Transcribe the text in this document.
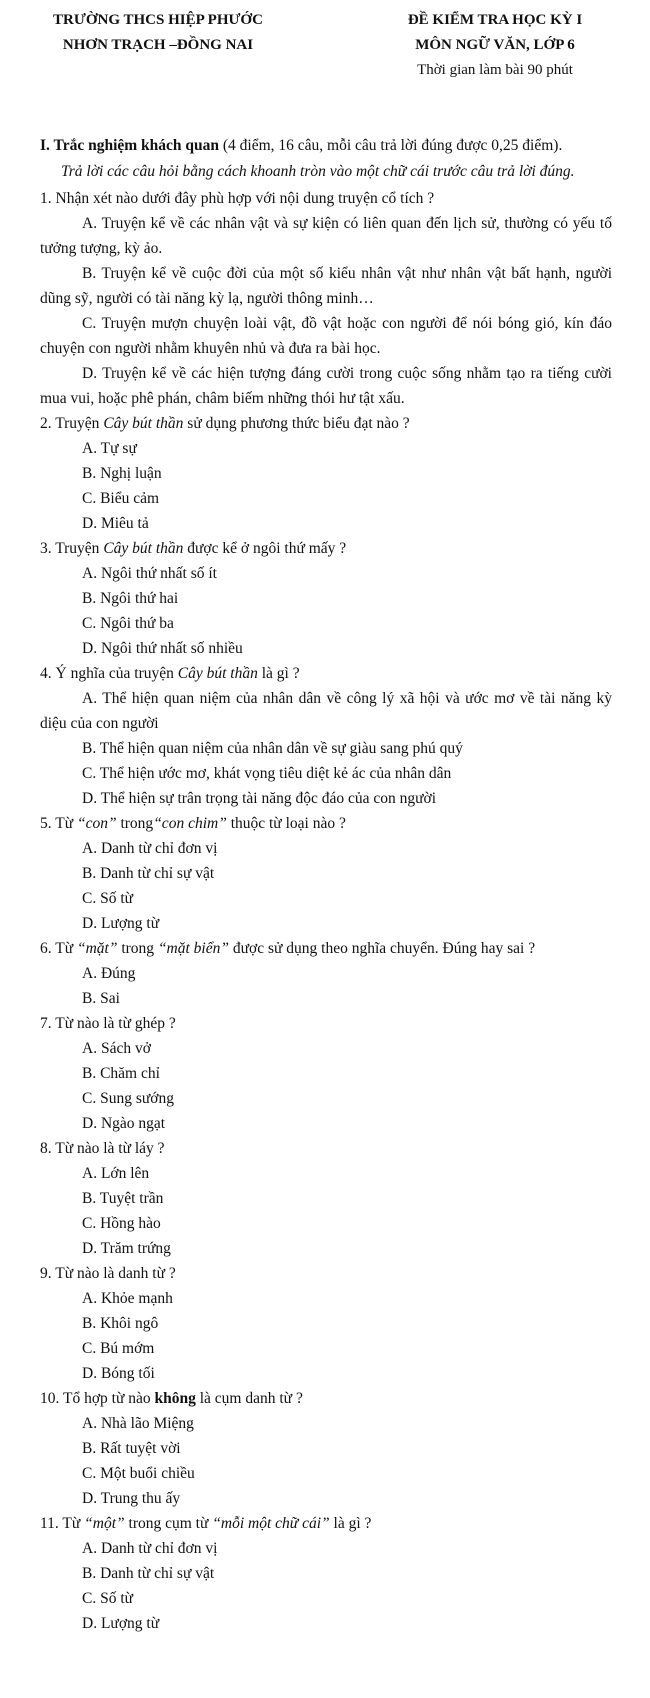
TRƯỜNG THCS HIỆP PHƯỚC
NHƠN TRẠCH –ĐỒNG NAI
ĐỀ KIỂM TRA HỌC KỲ I
MÔN NGỮ VĂN, LỚP 6
Thời gian làm bài 90 phút

I. Trắc nghiệm khách quan (4 điểm, 16 câu, mỗi câu trả lời đúng được 0,25 điểm).

Trả lời các câu hỏi bằng cách khoanh tròn vào một chữ cái trước câu trả lời đúng.

1. Nhận xét nào dưới đây phù hợp với nội dung truyện cổ tích ?

A. Truyện kể về các nhân vật và sự kiện có liên quan đến lịch sử, thường có yếu tố tưởng tượng, kỳ ảo.

B. Truyện kể về cuộc đời của một số kiểu nhân vật như nhân vật bất hạnh, người dũng sỹ, người có tài năng kỳ lạ, người thông minh…

C. Truyện mượn chuyện loài vật, đồ vật hoặc con người để nói bóng gió, kín đáo chuyện con người nhằm khuyên nhủ và đưa ra bài học.

D. Truyện kể về các hiện tượng đáng cười trong cuộc sống nhằm tạo ra tiếng cười mua vui, hoặc phê phán, châm biếm những thói hư tật xấu.

2. Truyện Cây bút thần sử dụng phương thức biểu đạt nào ?

A. Tự sự

B. Nghị luận

C. Biểu cảm

D. Miêu tả

3. Truyện Cây bút thần được kể ở ngôi thứ mấy ?

A. Ngôi thứ nhất số ít

B. Ngôi thứ hai

C. Ngôi thứ ba

D. Ngôi thứ nhất số nhiều

4. Ý nghĩa của truyện Cây bút thần là gì ?

A. Thể hiện quan niệm của nhân dân về công lý xã hội và ước mơ về tài năng kỳ diệu của con người

B. Thể hiện quan niệm của nhân dân về sự giàu sang phú quý

C. Thể hiện ước mơ, khát vọng tiêu diệt kẻ ác của nhân dân

D. Thể hiện sự trân trọng tài năng độc đáo của con người

5. Từ “con” trong“con chim” thuộc từ loại nào ?

A. Danh từ chỉ đơn vị

B. Danh từ chỉ sự vật

C. Số từ

D. Lượng từ

6. Từ “mặt” trong “mặt biển” được sử dụng theo nghĩa chuyển. Đúng hay sai ?

A. Đúng

B. Sai

7. Từ nào là từ ghép ?

A. Sách vở

B. Chăm chỉ

C. Sung sướng

D. Ngào ngạt

8. Từ nào là từ láy ?

A. Lớn lên

B. Tuyệt trần

C. Hồng hào

D. Trăm trứng

9. Từ nào là danh từ ?

A. Khỏe mạnh

B. Khôi ngô

C. Bú mớm

D. Bóng tối

10. Tổ hợp từ nào không là cụm danh từ ?

A. Nhà lão Miệng

B. Rất tuyệt vời

C. Một buổi chiều

D. Trung thu ấy

11. Từ “một” trong cụm từ “mỗi một chữ cái” là gì ?

A. Danh từ chỉ đơn vị

B. Danh từ chỉ sự vật

C. Số từ

D. Lượng từ
